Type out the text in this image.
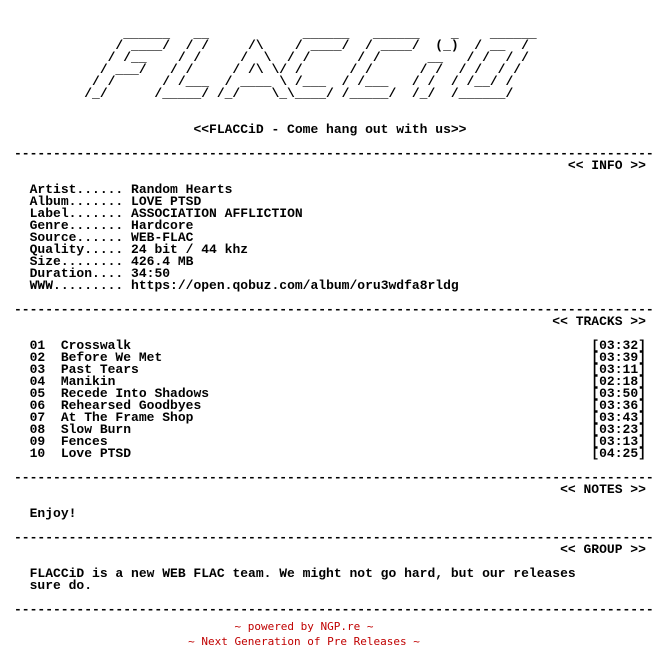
______   __            ______   ______    _    ______
/ ____/  / /     /\    / ____/  / ____/  (_)  / __  /
/ /__    / /     /  \  / /      / /      __   / /  / /
/ ___/   / /     / /\ \/ /      / /      / /  / /  / /
/ /      / /___  / ____ \ /___  / /___   / /  / /__/ /
/_/      /_____/ /_/    \_\____/ /_____/  /_/  /______/
<<FLACCiD - Come hang out with us>>
----------------------------------------------------------------------------------
<< INFO >>
Artist...... Random Hearts
Album....... LOVE PTSD
Label....... ASSOCIATION AFFLICTION
Genre....... Hardcore
Source...... WEB-FLAC
Quality..... 24 bit / 44 khz
Size........ 426.4 MB
Duration.... 34:50
WWW......... https://open.qobuz.com/album/oru3wdfa8rldg
----------------------------------------------------------------------------------
<< TRACKS >>
01 Crosswalk	[03:32]
02 Before We Met	[03:39]
03 Past Tears	[03:11]
04 Manikin	[02:18]
05 Recede Into Shadows	[03:50]
06 Rehearsed Goodbyes	[03:36]
07 At The Frame Shop	[03:43]
08 Slow Burn	[03:23]
09 Fences	[03:13]
10 Love PTSD	[04:25]
----------------------------------------------------------------------------------
<< NOTES >>
Enjoy!
----------------------------------------------------------------------------------
<< GROUP >>
FLACCiD is a new WEB FLAC team. We might not go hard, but our releases
sure do.
----------------------------------------------------------------------------------
~ powered by NGP.re ~
~ Next Generation of Pre Releases ~
